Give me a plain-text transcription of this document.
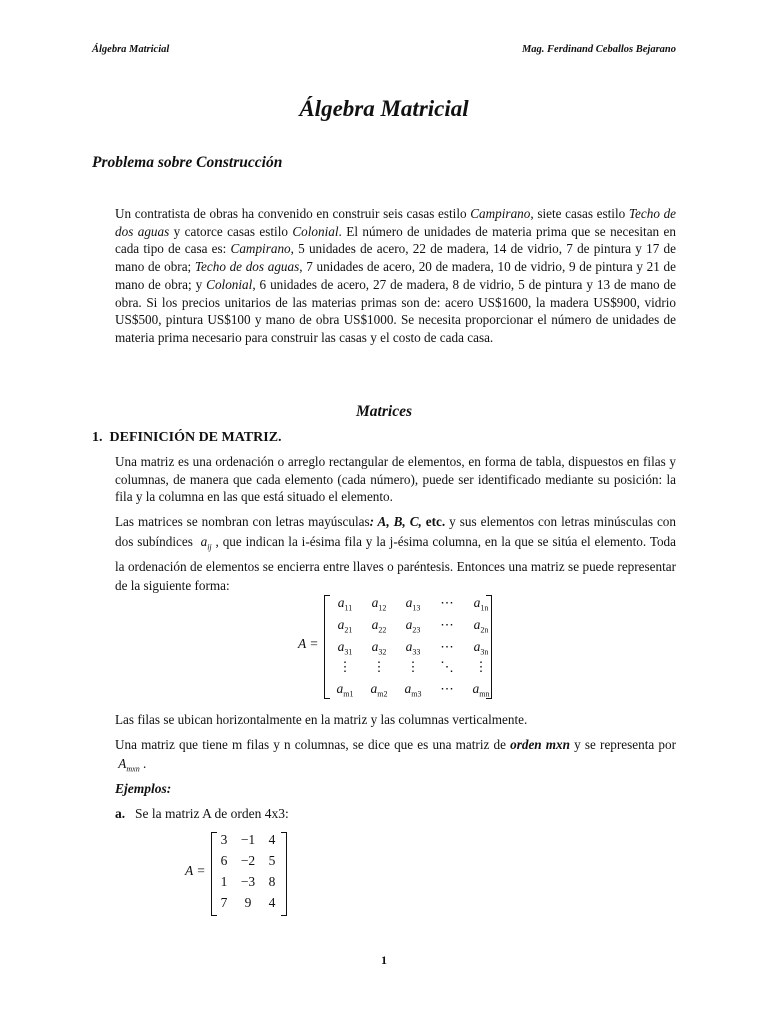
Álgebra Matricial	Mag. Ferdinand Ceballos Bejarano
Álgebra Matricial
Problema sobre Construcción

Un contratista de obras ha convenido en construir seis casas estilo Campirano, siete casas estilo Techo de dos aguas y catorce casas estilo Colonial. El número de unidades de materia prima que se necesitan en cada tipo de casa es: Campirano, 5 unidades de acero, 22 de madera, 14 de vidrio, 7 de pintura y 17 de mano de obra; Techo de dos aguas, 7 unidades de acero, 20 de madera, 10 de vidrio, 9 de pintura y 21 de mano de obra; y Colonial, 6 unidades de acero, 27 de madera, 8 de vidrio, 5 de pintura y 13 de mano de obra. Si los precios unitarios de las materias primas son de: acero US$1600, la madera US$900, vidrio US$500, pintura US$100 y mano de obra US$1000. Se necesita proporcionar el número de unidades de materia prima necesario para construir las casas y el costo de cada casa.

Matrices
1.  DEFINICIÓN DE MATRIZ.

Una matriz es una ordenación o arreglo rectangular de elementos, en forma de tabla, dispuestos en filas y columnas, de manera que cada elemento (cada número), puede ser identificado mediante su posición: la fila y la columna en las que está situado el elemento.

Las matrices se nombran con letras mayúsculas: A, B, C, etc. y sus elementos con letras minúsculas con dos subíndices  $a_{ij}$ , que indican la i-ésima fila y la j-ésima columna, en la que se sitúa el elemento. Toda la ordenación de elementos se encierra entre llaves o paréntesis. Entonces una matriz se puede representar de la siguiente forma:

A =
$a_{11}$	$a_{12}$	$a_{13}$	⋯	$a_{1n}$
$a_{21}$	$a_{22}$	$a_{23}$	⋯	$a_{2n}$
$a_{31}$	$a_{32}$	$a_{33}$	⋯	$a_{3n}$
⋮	⋮	⋮	⋱	⋮
$a_{m1}$	$a_{m2}$	$a_{m3}$	⋯	$a_{mn}$

Las filas se ubican horizontalmente en la matriz y las columnas verticalmente.

Una matriz que tiene m filas y n columnas, se dice que es una matriz de orden mxn y se representa por  $A_{mxn}$ .

Ejemplos:
a. Se la matriz A de orden 4x3:
A =
3 −1 4
6 −2 5
1 −3 8
7	9	4
1
